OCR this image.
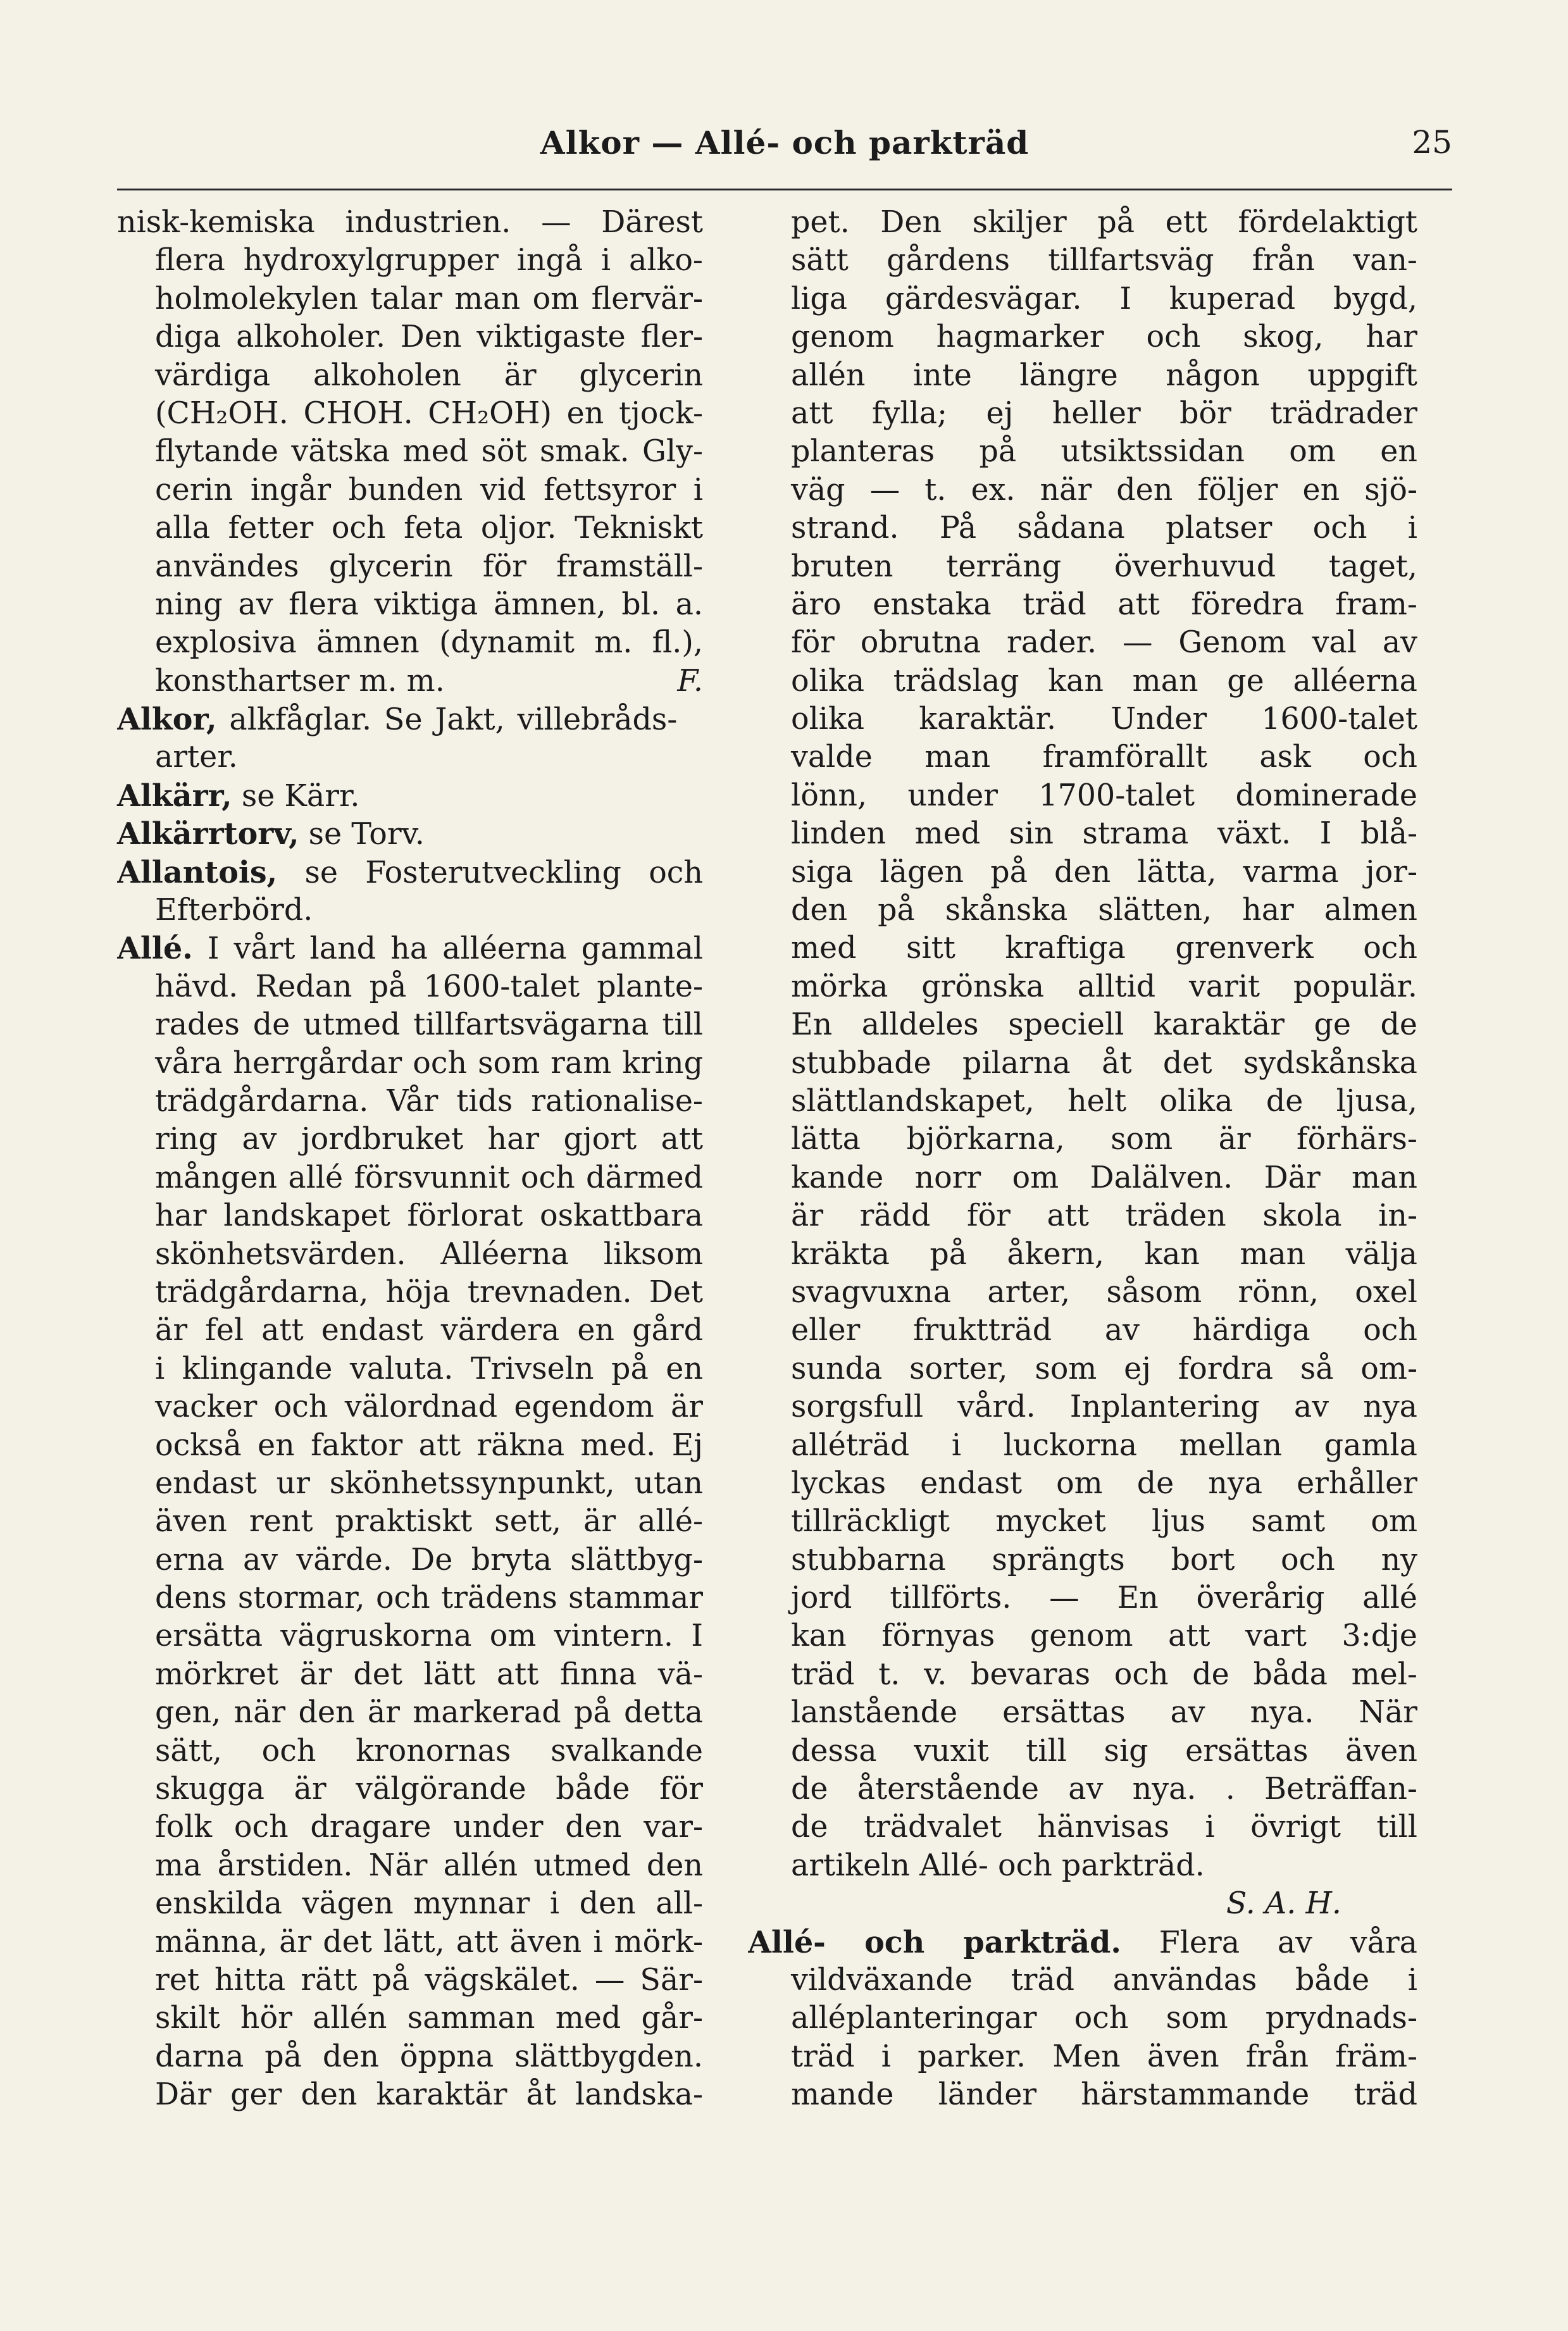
Alkor — Allé- och parkträd	25
nisk-kemiska industrien. — Därest
flera hydroxylgrupper ingå i alko-
holmolekylen talar man om flervär-
diga alkoholer. Den viktigaste fler-
värdiga alkoholen är glycerin
(CH₂OH. CHOH. CH₂OH) en tjock-
flytande vätska med söt smak. Gly-
cerin ingår bunden vid fettsyror i
alla fetter och feta oljor. Tekniskt
användes glycerin för framställ-
ning av flera viktiga ämnen, bl. a.
explosiva ämnen (dynamit m. fl.),
konsthartser m. m.	F.
Alkor, alkfåglar. Se Jakt, villebråds-
arter.
Alkärr, se Kärr.
Alkärrtorv, se Torv.
Allantois, se Fosterutveckling och
Efterbörd.
Allé. I vårt land ha alléerna gammal
hävd. Redan på 1600-talet plante-
rades de utmed tillfartsvägarna till
våra herrgårdar och som ram kring
trädgårdarna. Vår tids rationalise-
ring av jordbruket har gjort att
mången allé försvunnit och därmed
har landskapet förlorat oskattbara
skönhetsvärden. Alléerna liksom
trädgårdarna, höja trevnaden. Det
är fel att endast värdera en gård
i klingande valuta. Trivseln på en
vacker och välordnad egendom är
också en faktor att räkna med. Ej
endast ur skönhetssynpunkt, utan
även rent praktiskt sett, är allé-
erna av värde. De bryta slättbyg-
dens stormar, och trädens stammar
ersätta vägruskorna om vintern. I
mörkret är det lätt att finna vä-
gen, när den är markerad på detta
sätt, och kronornas svalkande
skugga är välgörande både för
folk och dragare under den var-
ma årstiden. När allén utmed den
enskilda vägen mynnar i den all-
männa, är det lätt, att även i mörk-
ret hitta rätt på vägskälet. — Sär-
skilt hör allén samman med går-
darna på den öppna slättbygden.
Där ger den karaktär åt landska-
pet. Den skiljer på ett fördelaktigt
sätt gårdens tillfartsväg från van-
liga gärdesvägar. I kuperad bygd,
genom hagmarker och skog, har
allén inte längre någon uppgift
att fylla; ej heller bör trädrader
planteras på utsiktssidan om en
väg — t. ex. när den följer en sjö-
strand. På sådana platser och i
bruten terräng överhuvud taget,
äro enstaka träd att föredra fram-
för obrutna rader. — Genom val av
olika trädslag kan man ge alléerna
olika karaktär. Under 1600-talet
valde man framförallt ask och
lönn, under 1700-talet dominerade
linden med sin strama växt. I blå-
siga lägen på den lätta, varma jor-
den på skånska slätten, har almen
med sitt kraftiga grenverk och
mörka grönska alltid varit populär.
En alldeles speciell karaktär ge de
stubbade pilarna åt det sydskånska
slättlandskapet, helt olika de ljusa,
lätta björkarna, som är förhärs-
kande norr om Dalälven. Där man
är rädd för att träden skola in-
kräkta på åkern, kan man välja
svagvuxna arter, såsom rönn, oxel
eller fruktträd av härdiga och
sunda sorter, som ej fordra så om-
sorgsfull vård. Inplantering av nya
alléträd i luckorna mellan gamla
lyckas endast om de nya erhåller
tillräckligt mycket ljus samt om
stubbarna sprängts bort och ny
jord tillförts. — En överårig allé
kan förnyas genom att vart 3:dje
träd t. v. bevaras och de båda mel-
lanstående ersättas av nya. När
dessa vuxit till sig ersättas även
de återstående av nya. . Beträffan-
de trädvalet hänvisas i övrigt till
artikeln Allé- och parkträd.
S. A. H.
Allé- och parkträd. Flera av våra
vildväxande träd användas både i
alléplanteringar och som prydnads-
träd i parker. Men även från främ-
mande länder härstammande träd
